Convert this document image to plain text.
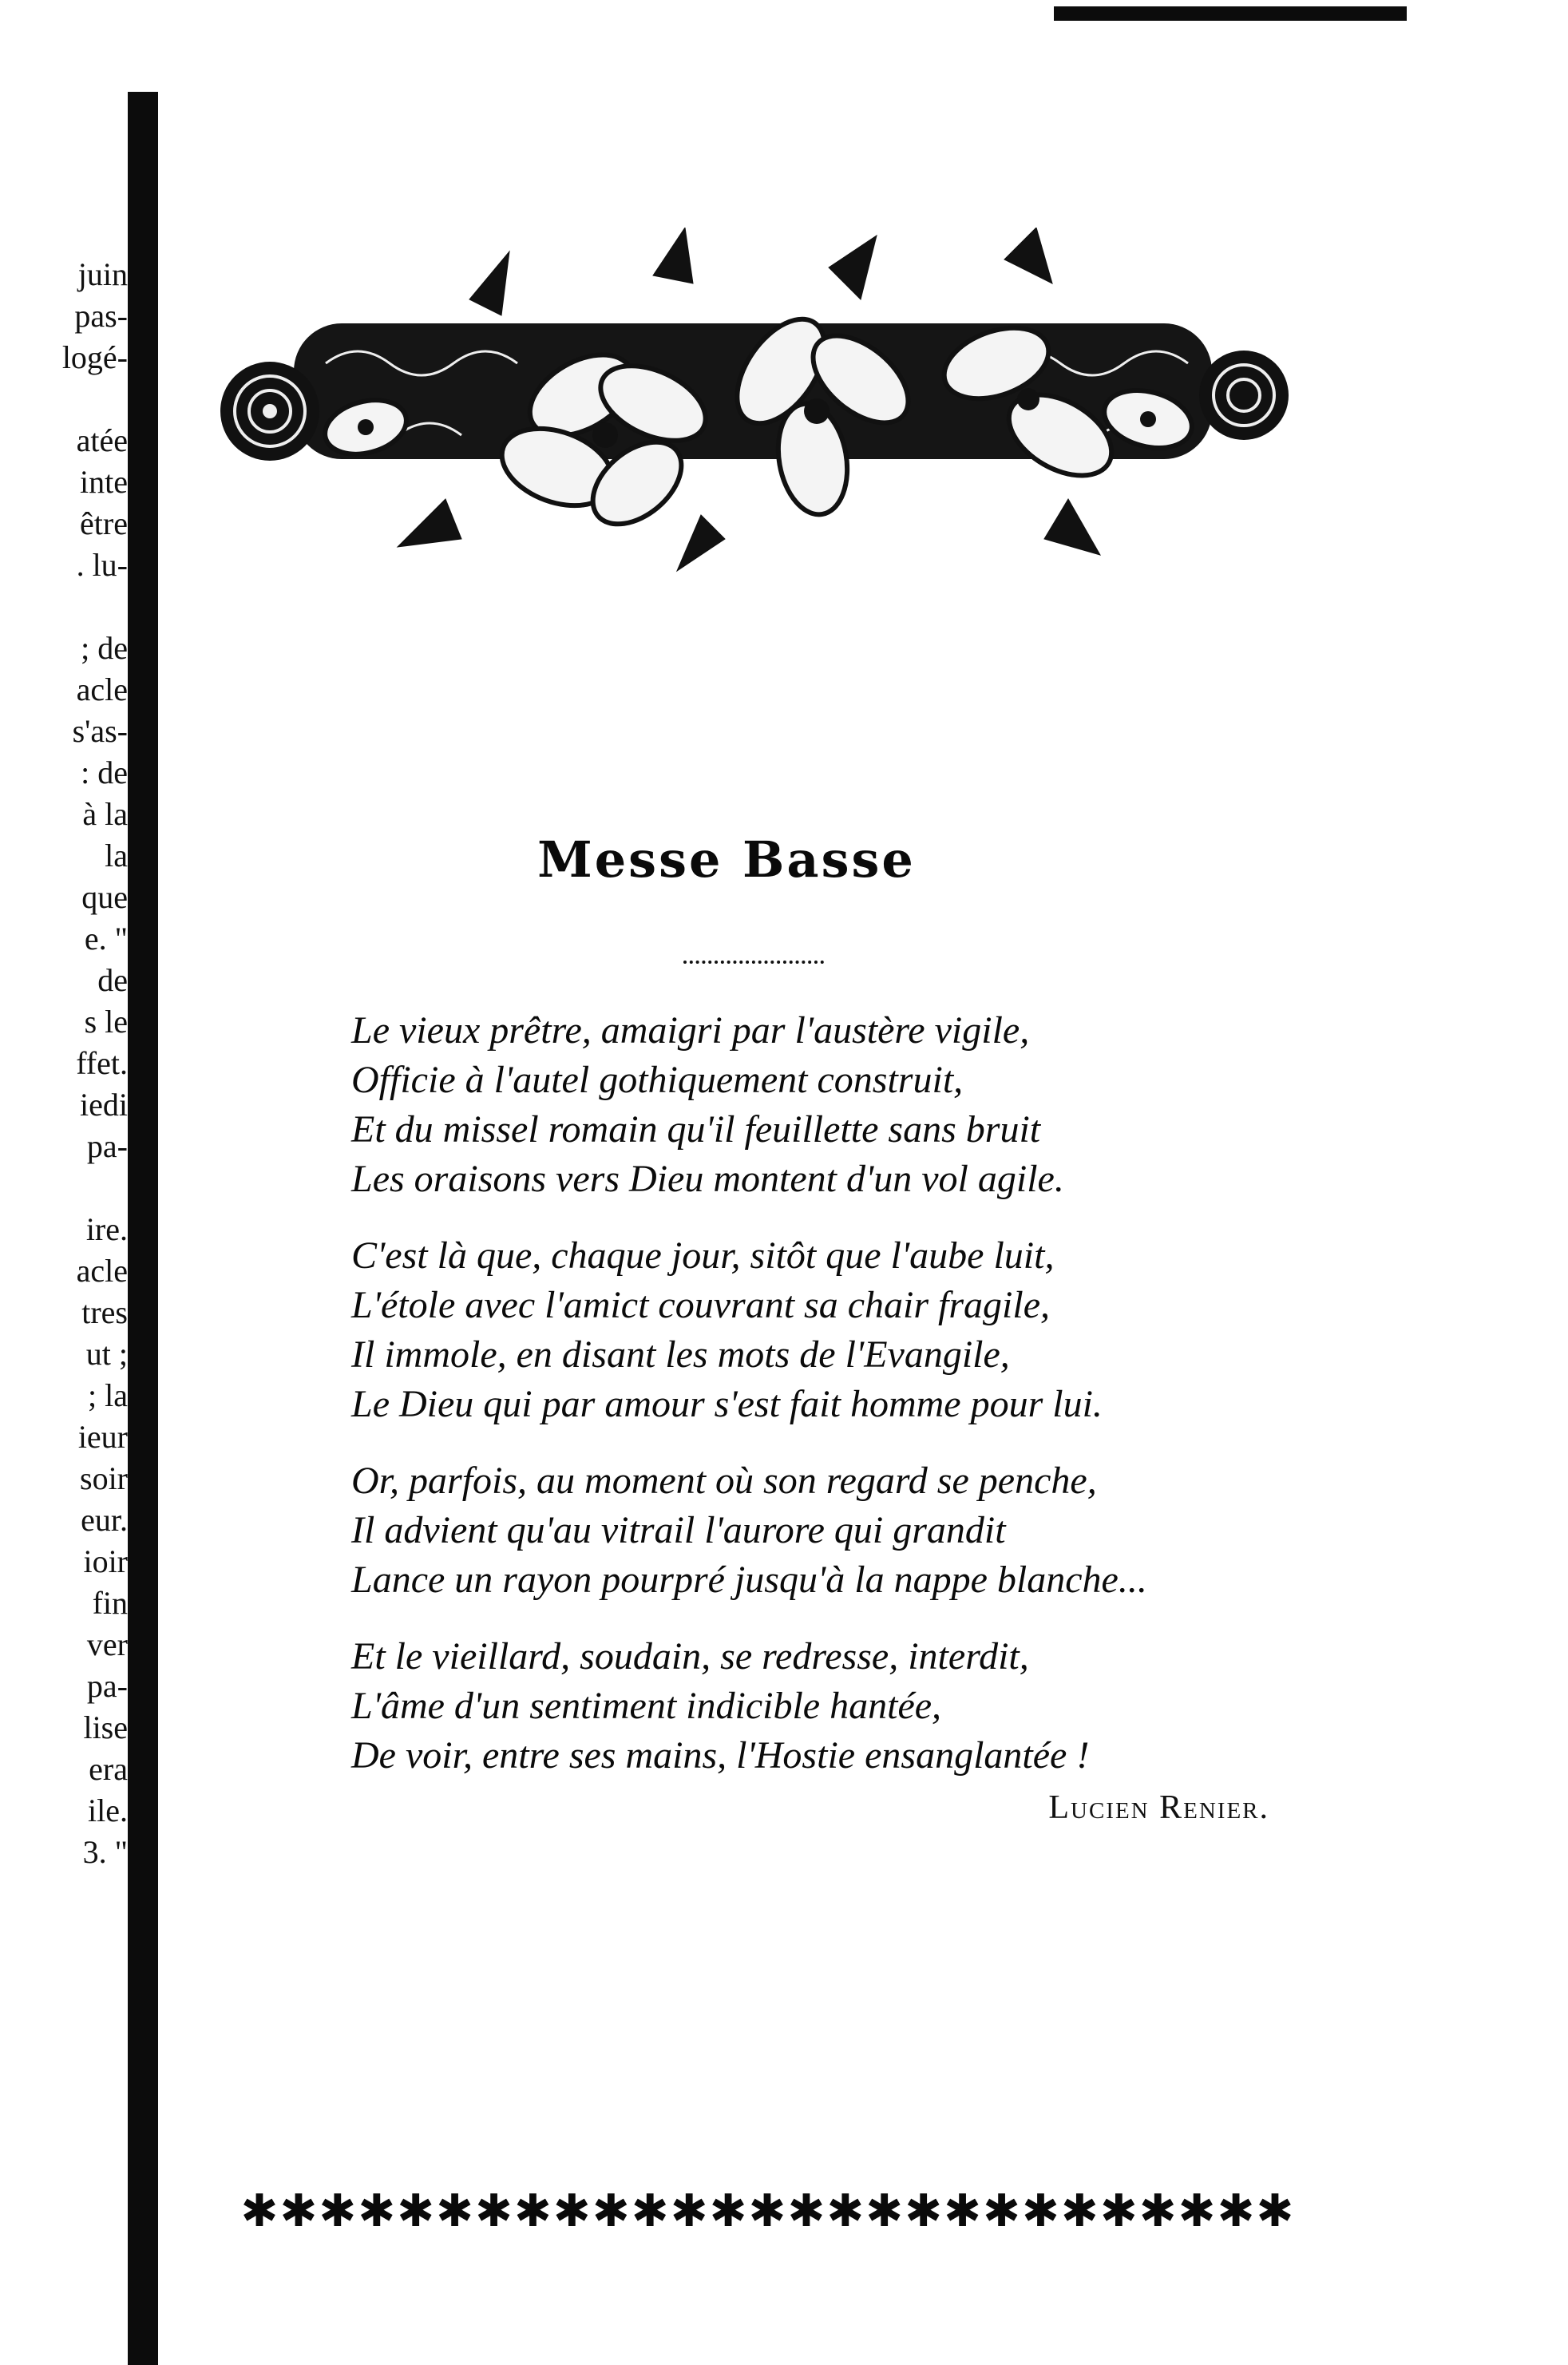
juin
pas-
logé-
atée
inte
être
. lu-
; de
acle
s'as-
: de
à la
la
que
e. "
de
s le
ffet.
iedi
pa-
ire.
acle
tres
ut ;
; la
ieur
soir
eur.
ioir
fin
ver
pa-
lise
era
ile.
3. "
Messe Basse
Le vieux prêtre, amaigri par l'austère vigile,
Officie à l'autel gothiquement construit,
Et du missel romain qu'il feuillette sans bruit
Les oraisons vers Dieu montent d'un vol agile.
C'est là que, chaque jour, sitôt que l'aube luit,
L'étole avec l'amict couvrant sa chair fragile,
Il immole, en disant les mots de l'Evangile,
Le Dieu qui par amour s'est fait homme pour lui.
Or, parfois, au moment où son regard se penche,
Il advient qu'au vitrail l'aurore qui grandit
Lance un rayon pourpré jusqu'à la nappe blanche...
Et le vieillard, soudain, se redresse, interdit,
L'âme d'un sentiment indicible hantée,
De voir, entre ses mains, l'Hostie ensanglantée !
Lucien Renier.
✱✱✱✱✱✱✱✱✱✱✱✱✱✱✱✱✱✱✱✱✱✱✱✱✱✱✱
